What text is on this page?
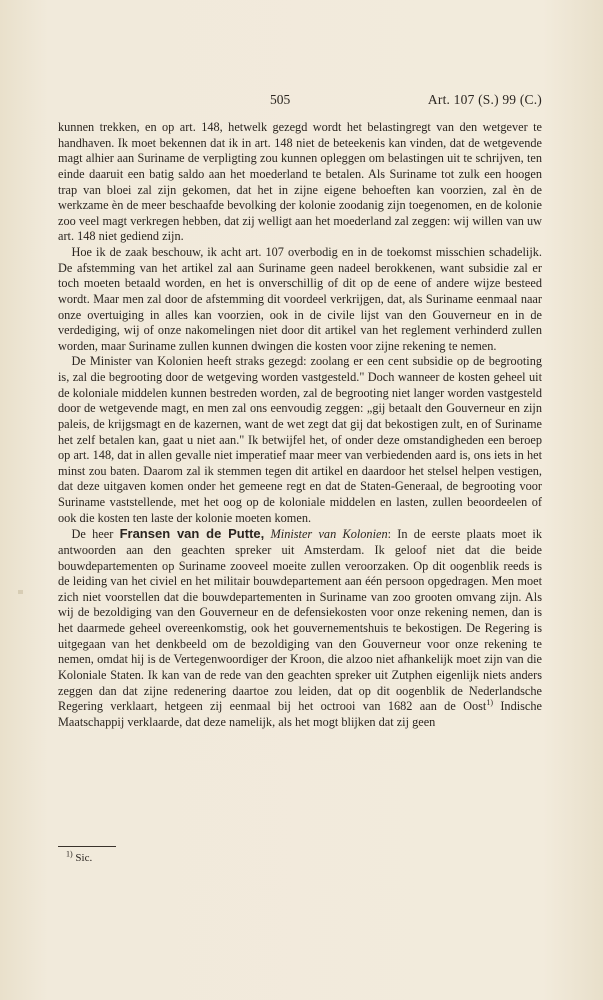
505	Art. 107 (S.) 99 (C.)

kunnen trekken, en op art. 148, hetwelk gezegd wordt het belastingregt van den wetgever te handhaven. Ik moet bekennen dat ik in art. 148 niet de beteekenis kan vinden, dat de wetgevende magt alhier aan Suriname de verpligting zou kunnen opleggen om belastingen uit te schrijven, ten einde daaruit een batig saldo aan het moederland te betalen. Als Suriname tot zulk een hoogen trap van bloei zal zijn gekomen, dat het in zijne eigene behoeften kan voorzien, zal èn de werkzame èn de meer beschaafde bevolking der kolonie zoodanig zijn toegenomen, en de kolonie zoo veel magt verkregen hebben, dat zij welligt aan het moederland zal zeggen: wij willen van uw art. 148 niet gediend zijn.

Hoe ik de zaak beschouw, ik acht art. 107 overbodig en in de toekomst misschien schadelijk. De afstemming van het artikel zal aan Suriname geen nadeel berokkenen, want subsidie zal er toch moeten betaald worden, en het is onverschillig of dit op de eene of andere wijze besteed wordt. Maar men zal door de afstemming dit voordeel verkrijgen, dat, als Suriname eenmaal naar onze overtuiging in alles kan voorzien, ook in de civile lijst van den Gouverneur en in de verdediging, wij of onze nakomelingen niet door dit artikel van het reglement verhinderd zullen worden, maar Suriname zullen kunnen dwingen die kosten voor zijne rekening te nemen.

De Minister van Kolonien heeft straks gezegd: zoolang er een cent subsidie op de begrooting is, zal die begrooting door de wetgeving worden vastgesteld." Doch wanneer de kosten geheel uit de koloniale middelen kunnen bestreden worden, zal de begrooting niet langer worden vastgesteld door de wetgevende magt, en men zal ons eenvoudig zeggen: „gij betaalt den Gouverneur en zijn paleis, de krijgsmagt en de kazernen, want de wet zegt dat gij dat bekostigen zult, en of Suriname het zelf betalen kan, gaat u niet aan." Ik betwijfel het, of onder deze omstandigheden een beroep op art. 148, dat in allen gevalle niet imperatief maar meer van verbiedenden aard is, ons iets in het minst zou baten. Daarom zal ik stemmen tegen dit artikel en daardoor het stelsel helpen vestigen, dat deze uitgaven komen onder het gemeene regt en dat de Staten-Generaal, de begrooting voor Suriname vaststellende, met het oog op de koloniale middelen en lasten, zullen beoordeelen of ook die kosten ten laste der kolonie moeten komen.

De heer Fransen van de Putte, Minister van Kolonien: In de eerste plaats moet ik antwoorden aan den geachten spreker uit Amsterdam. Ik geloof niet dat die beide bouwdepartementen op Suriname zooveel moeite zullen veroorzaken. Op dit oogenblik reeds is de leiding van het civiel en het militair bouwdepartement aan één persoon opgedragen. Men moet zich niet voorstellen dat die bouwdepartementen in Suriname van zoo grooten omvang zijn. Als wij de bezoldiging van den Gouverneur en de defensiekosten voor onze rekening nemen, dan is het daarmede geheel overeenkomstig, ook het gouvernementshuis te bekostigen. De Regering is uitgegaan van het denkbeeld om de bezoldiging van den Gouverneur voor onze rekening te nemen, omdat hij is de Vertegenwoordiger der Kroon, die alzoo niet afhankelijk moet zijn van die Koloniale Staten. Ik kan van de rede van den geachten spreker uit Zutphen eigenlijk niets anders zeggen dan dat zijne redenering daartoe zou leiden, dat op dit oogenblik de Nederlandsche Regering verklaart, hetgeen zij eenmaal bij het octrooi van 1682 aan de Oost$^{1)}$ Indische Maatschappij verklaarde, dat deze namelijk, als het mogt blijken dat zij geen

$^{1)}$ Sic.
